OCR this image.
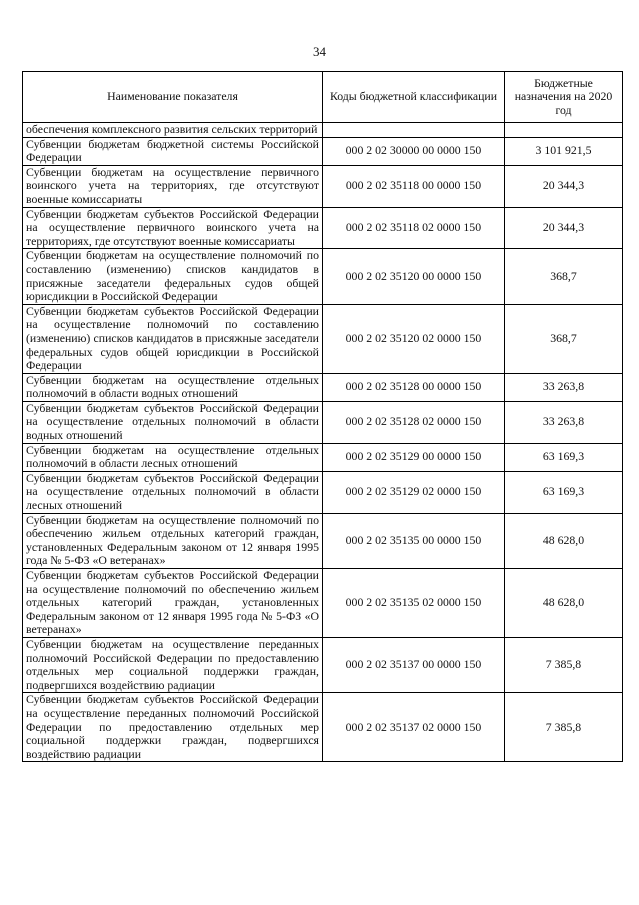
34
Наименование показателя	Коды бюджетной классификации	Бюджетные назначения на 2020 год
обеспечения комплексного развития сельских территорий		
Субвенции бюджетам бюджетной системы Российской Федерации	000 2 02 30000 00 0000 150	3 101 921,5
Субвенции бюджетам на осуществление первичного воинского учета на территориях, где отсутствуют военные комиссариаты	000 2 02 35118 00 0000 150	20 344,3
Субвенции бюджетам субъектов Российской Федерации на осуществление первичного воинского учета на территориях, где отсутствуют военные комиссариаты	000 2 02 35118 02 0000 150	20 344,3
Субвенции бюджетам на осуществление полномочий по составлению (изменению) списков кандидатов в присяжные заседатели федеральных судов общей юрисдикции в Российской Федерации	000 2 02 35120 00 0000 150	368,7
Субвенции бюджетам субъектов Российской Федерации на осуществление полномочий по составлению (изменению) списков кандидатов в присяжные заседатели федеральных судов общей юрисдикции в Российской Федерации	000 2 02 35120 02 0000 150	368,7
Субвенции бюджетам на осуществление отдельных полномочий в области водных отношений	000 2 02 35128 00 0000 150	33 263,8
Субвенции бюджетам субъектов Российской Федерации на осуществление отдельных полномочий в области водных отношений	000 2 02 35128 02 0000 150	33 263,8
Субвенции бюджетам на осуществление отдельных полномочий в области лесных отношений	000 2 02 35129 00 0000 150	63 169,3
Субвенции бюджетам субъектов Российской Федерации на осуществление отдельных полномочий в области лесных отношений	000 2 02 35129 02 0000 150	63 169,3
Субвенции бюджетам на осуществление полномочий по обеспечению жильем отдельных категорий граждан, установленных Федеральным законом от 12 января 1995 года № 5-ФЗ «О ветеранах»	000 2 02 35135 00 0000 150	48 628,0
Субвенции бюджетам субъектов Российской Федерации на осуществление полномочий по обеспечению жильем отдельных категорий граждан, установленных Федеральным законом от 12 января 1995 года № 5-ФЗ «О ветеранах»	000 2 02 35135 02 0000 150	48 628,0
Субвенции бюджетам на осуществление переданных полномочий Российской Федерации по предоставлению отдельных мер социальной поддержки граждан, подвергшихся воздействию радиации	000 2 02 35137 00 0000 150	7 385,8
Субвенции бюджетам субъектов Российской Федерации на осуществление переданных полномочий Российской Федерации по предоставлению отдельных мер социальной поддержки граждан, подвергшихся воздействию радиации	000 2 02 35137 02 0000 150	7 385,8
